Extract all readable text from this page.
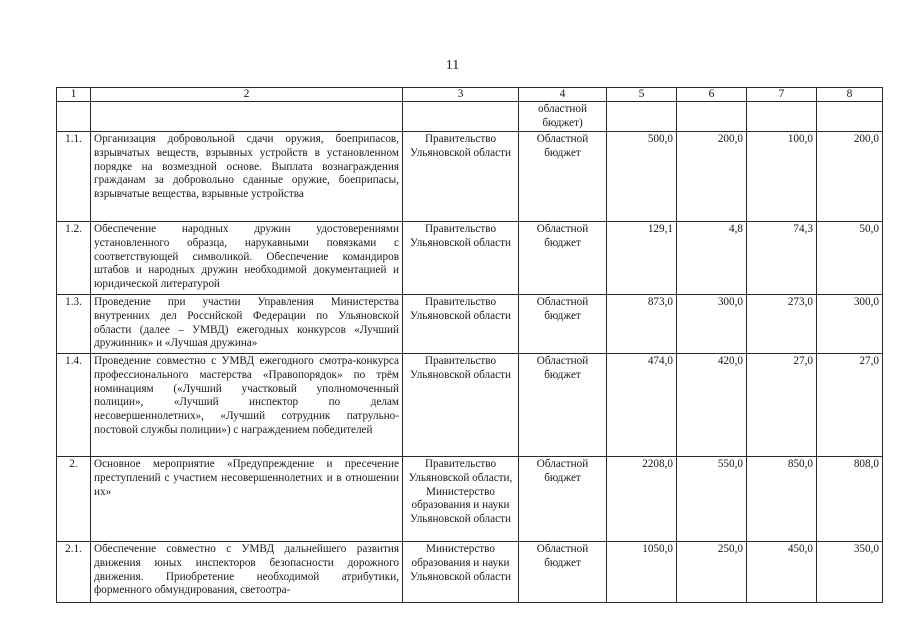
11
1	2	3	4	5	6	7	8
			областной бюджет)				
1.1.	Организация добровольной сдачи оружия, боеприпасов, взрывчатых веществ, взрывных устройств в установленном порядке на возмездной основе. Выплата вознаграждения гражданам за добровольно сданные оружие, боеприпасы, взрывчатые вещества, взрывные устройства	Правительство Ульяновской области	Областной бюджет	500,0	200,0	100,0	200,0
1.2.	Обеспечение народных дружин удостоверениями установленного образца, нарукавными повязками с соответствующей символикой. Обеспечение командиров штабов и народных дружин необходимой документацией и юридической литературой	Правительство Ульяновской области	Областной бюджет	129,1	4,8	74,3	50,0
1.3.	Проведение при участии Управления Министерства внутренних дел Российской Федерации по Ульяновской области (далее – УМВД) ежегодных конкурсов «Лучший дружинник» и «Лучшая дружина»	Правительство Ульяновской области	Областной бюджет	873,0	300,0	273,0	300,0
1.4.	Проведение совместно с УМВД ежегодного смотра-конкурса профессионального мастерства «Правопорядок» по трём номинациям («Лучший участковый уполномоченный полиции», «Лучший инспектор по делам несовершеннолетних», «Лучший сотрудник патрульно-постовой службы полиции») с награждением победителей	Правительство Ульяновской области	Областной бюджет	474,0	420,0	27,0	27,0
2.	Основное мероприятие «Предупреждение и пресечение преступлений с участием несовершеннолетних и в отношении их»	Правительство Ульяновской области, Министерство образования и науки Ульяновской области	Областной бюджет	2208,0	550,0	850,0	808,0
2.1.	Обеспечение совместно с УМВД дальнейшего развития движения юных инспекторов безопасности дорожного движения. Приобретение необходимой атрибутики, форменного обмундирования, светоотра-	Министерство образования и науки Ульяновской области	Областной бюджет	1050,0	250,0	450,0	350,0
